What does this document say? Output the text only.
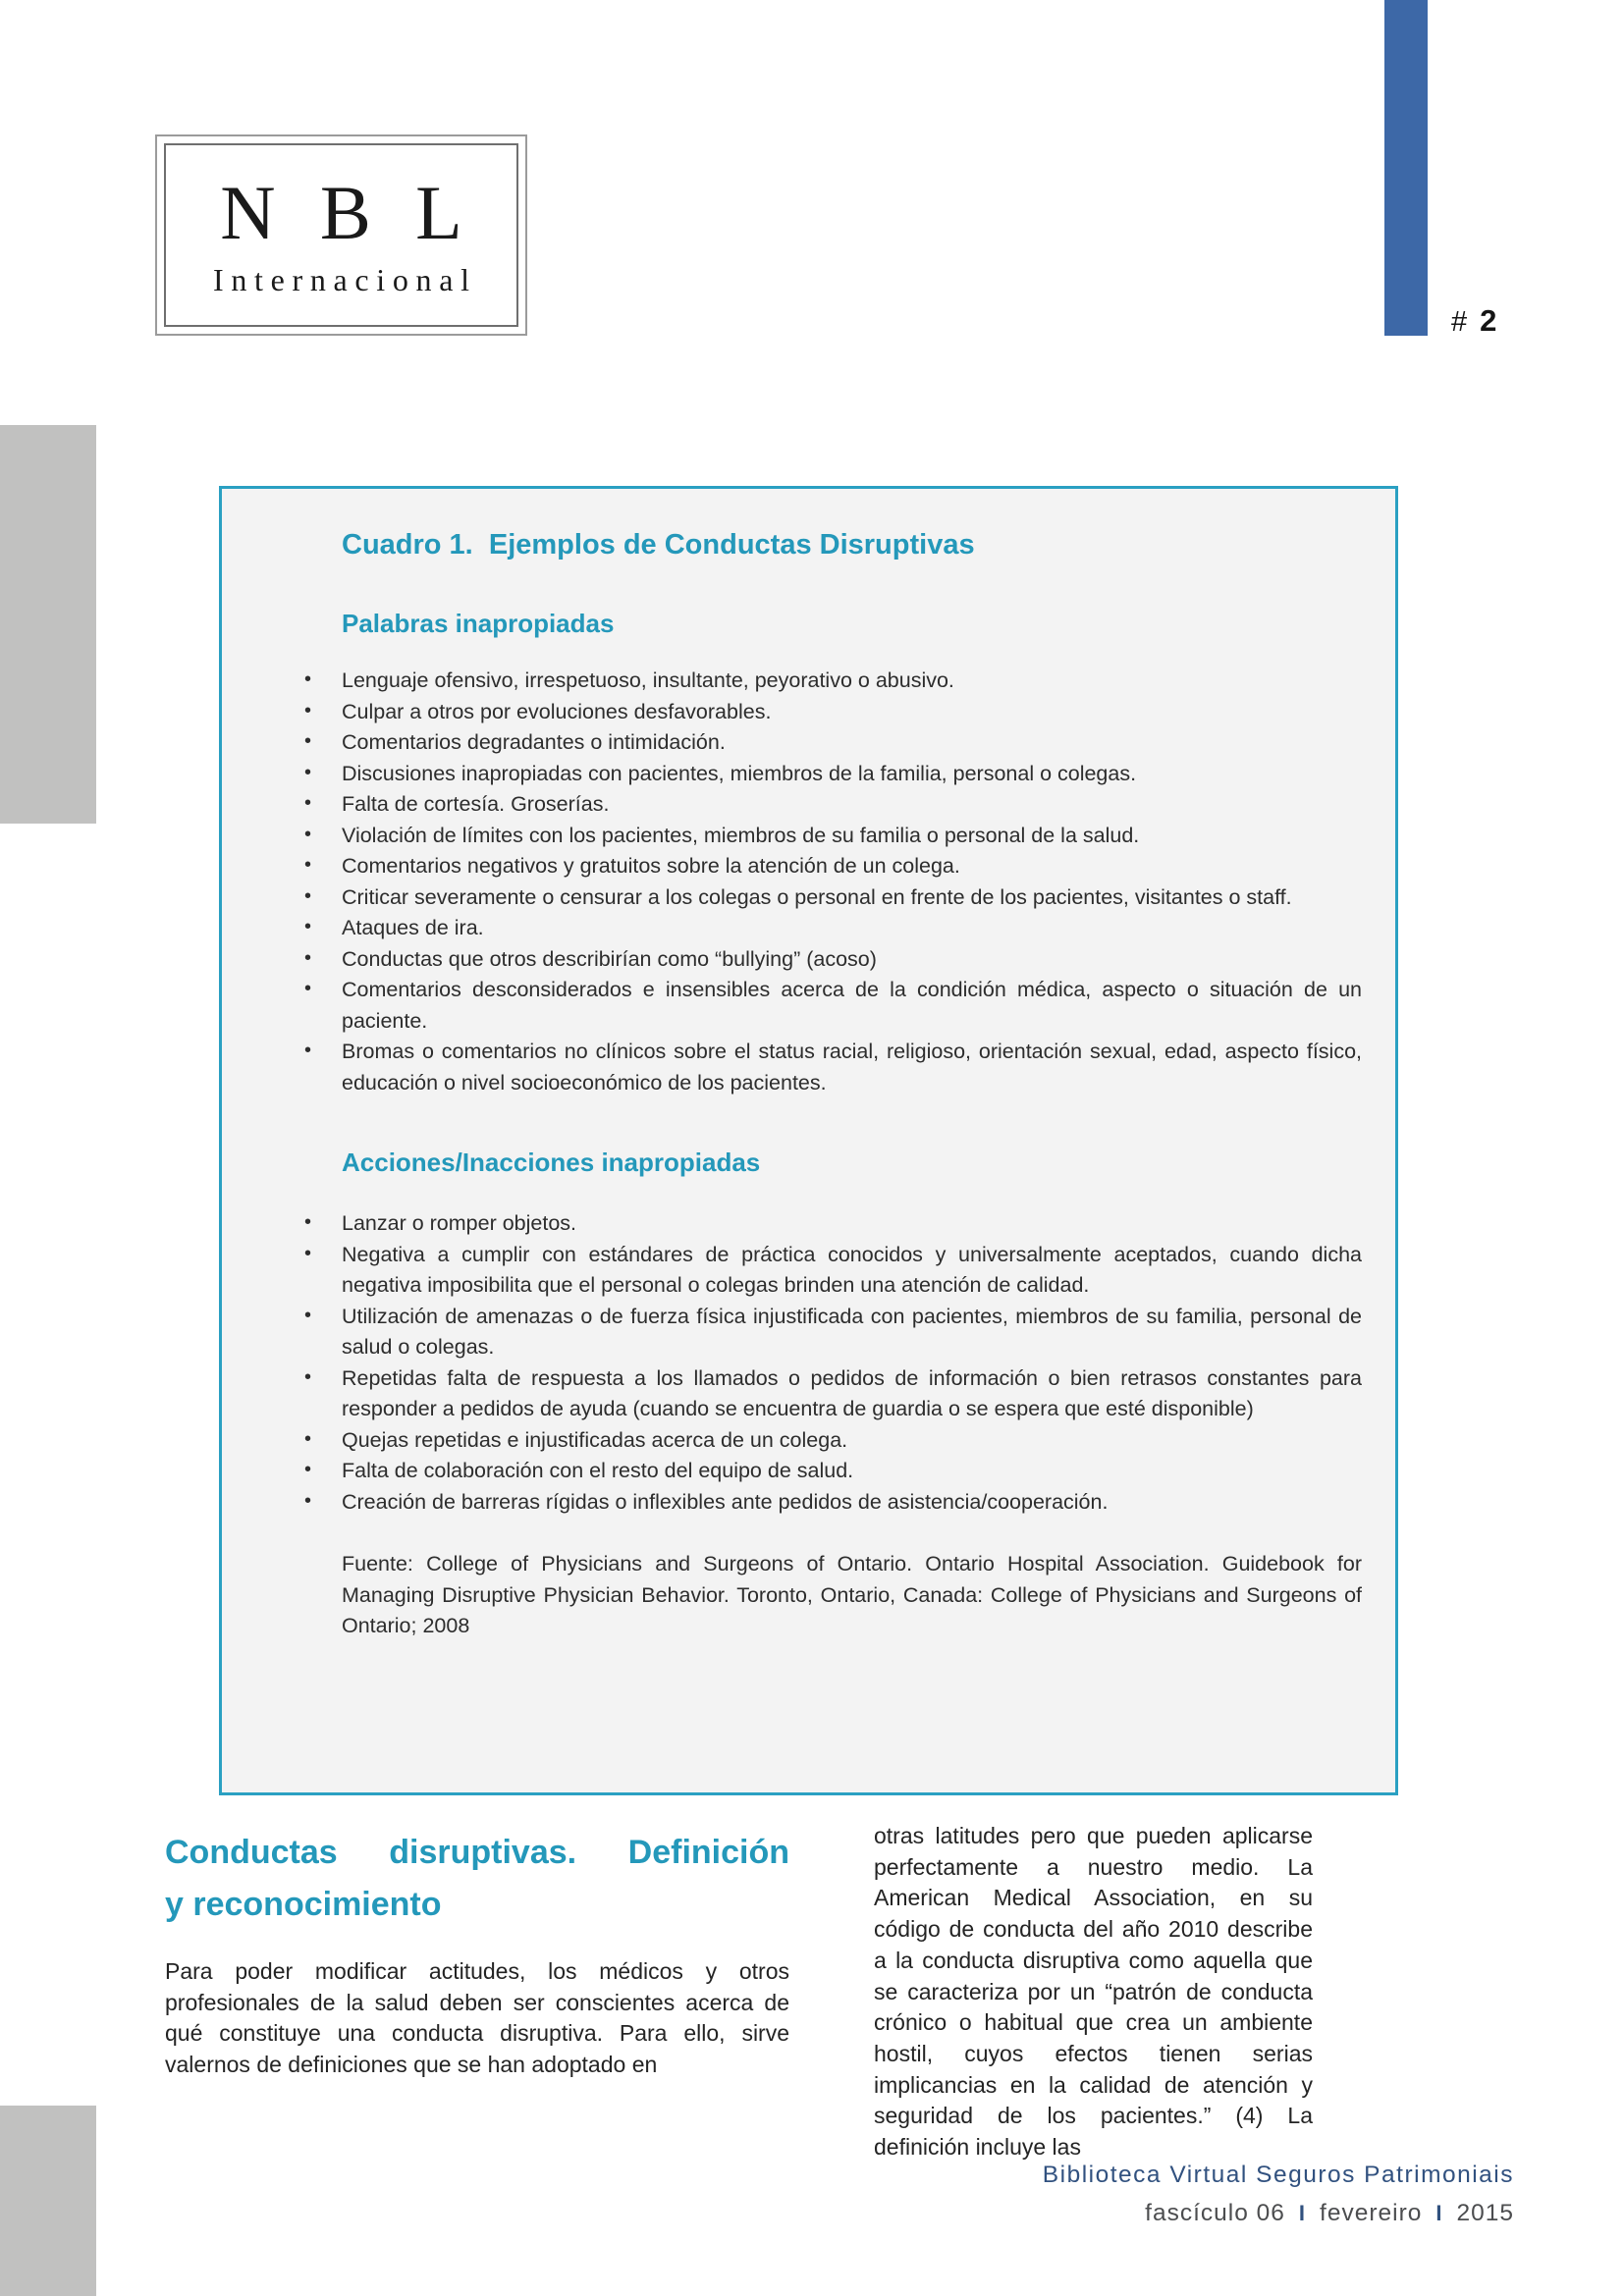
NBL
Internacional
# 2
Cuadro 1.  Ejemplos de Conductas Disruptivas
Palabras inapropiadas
• Lenguaje ofensivo, irrespetuoso, insultante, peyorativo o abusivo.
• Culpar a otros por evoluciones desfavorables.
• Comentarios degradantes o intimidación.
• Discusiones inapropiadas con pacientes, miembros de la familia, personal o colegas.
• Falta de cortesía. Groserías.
• Violación de límites con los pacientes, miembros de su familia o personal de la salud.
• Comentarios negativos y gratuitos sobre la atención de un colega.
• Criticar severamente o censurar a los colegas o personal en frente de los pacientes, visitantes o staff.
• Ataques de ira.
• Conductas que otros describirían como “bullying” (acoso)
• Comentarios desconsiderados e insensibles acerca de la condición médica, aspecto o situación de un paciente.
• Bromas o comentarios no clínicos sobre el status racial, religioso, orientación sexual, edad, aspecto físico, educación o nivel socioeconómico de los pacientes.
Acciones/Inacciones inapropiadas
• Lanzar o romper objetos.
• Negativa a cumplir con estándares de práctica conocidos y universalmente aceptados, cuando dicha negativa imposibilita que el personal o colegas brinden una atención de calidad.
• Utilización de amenazas o de fuerza física injustificada con pacientes, miembros de su familia, personal de salud o colegas.
• Repetidas falta de respuesta a los llamados o pedidos de información o bien retrasos constantes para responder a pedidos de ayuda (cuando se encuentra de guardia o se espera que esté disponible)
• Quejas repetidas e injustificadas acerca de un colega.
• Falta de colaboración con el resto del equipo de salud.
• Creación de barreras rígidas o inflexibles ante pedidos de asistencia/cooperación.

Fuente: College of Physicians and Surgeons of Ontario. Ontario Hospital Association. Guidebook for Managing Disruptive Physician Behavior. Toronto, Ontario, Canada: College of Physicians and Surgeons of Ontario; 2008

Conductas disruptivas. Definición
y reconocimiento

Para poder modificar actitudes, los médicos y otros profesionales de la salud deben ser conscientes acerca de qué constituye una conducta disruptiva. Para ello, sirve valernos de definiciones que se han adoptado en

otras latitudes pero que pueden aplicarse perfectamente a nuestro medio. La American Medical Association, en su código de conducta del año 2010 describe a la conducta disruptiva como aquella que se caracteriza por un “patrón de conducta crónico o habitual que crea un ambiente hostil, cuyos efectos tienen serias implicancias en la calidad de atención y seguridad de los pacientes.” (4) La definición incluye las

Biblioteca Virtual Seguros Patrimoniais
fascículo 06 I fevereiro I 2015
